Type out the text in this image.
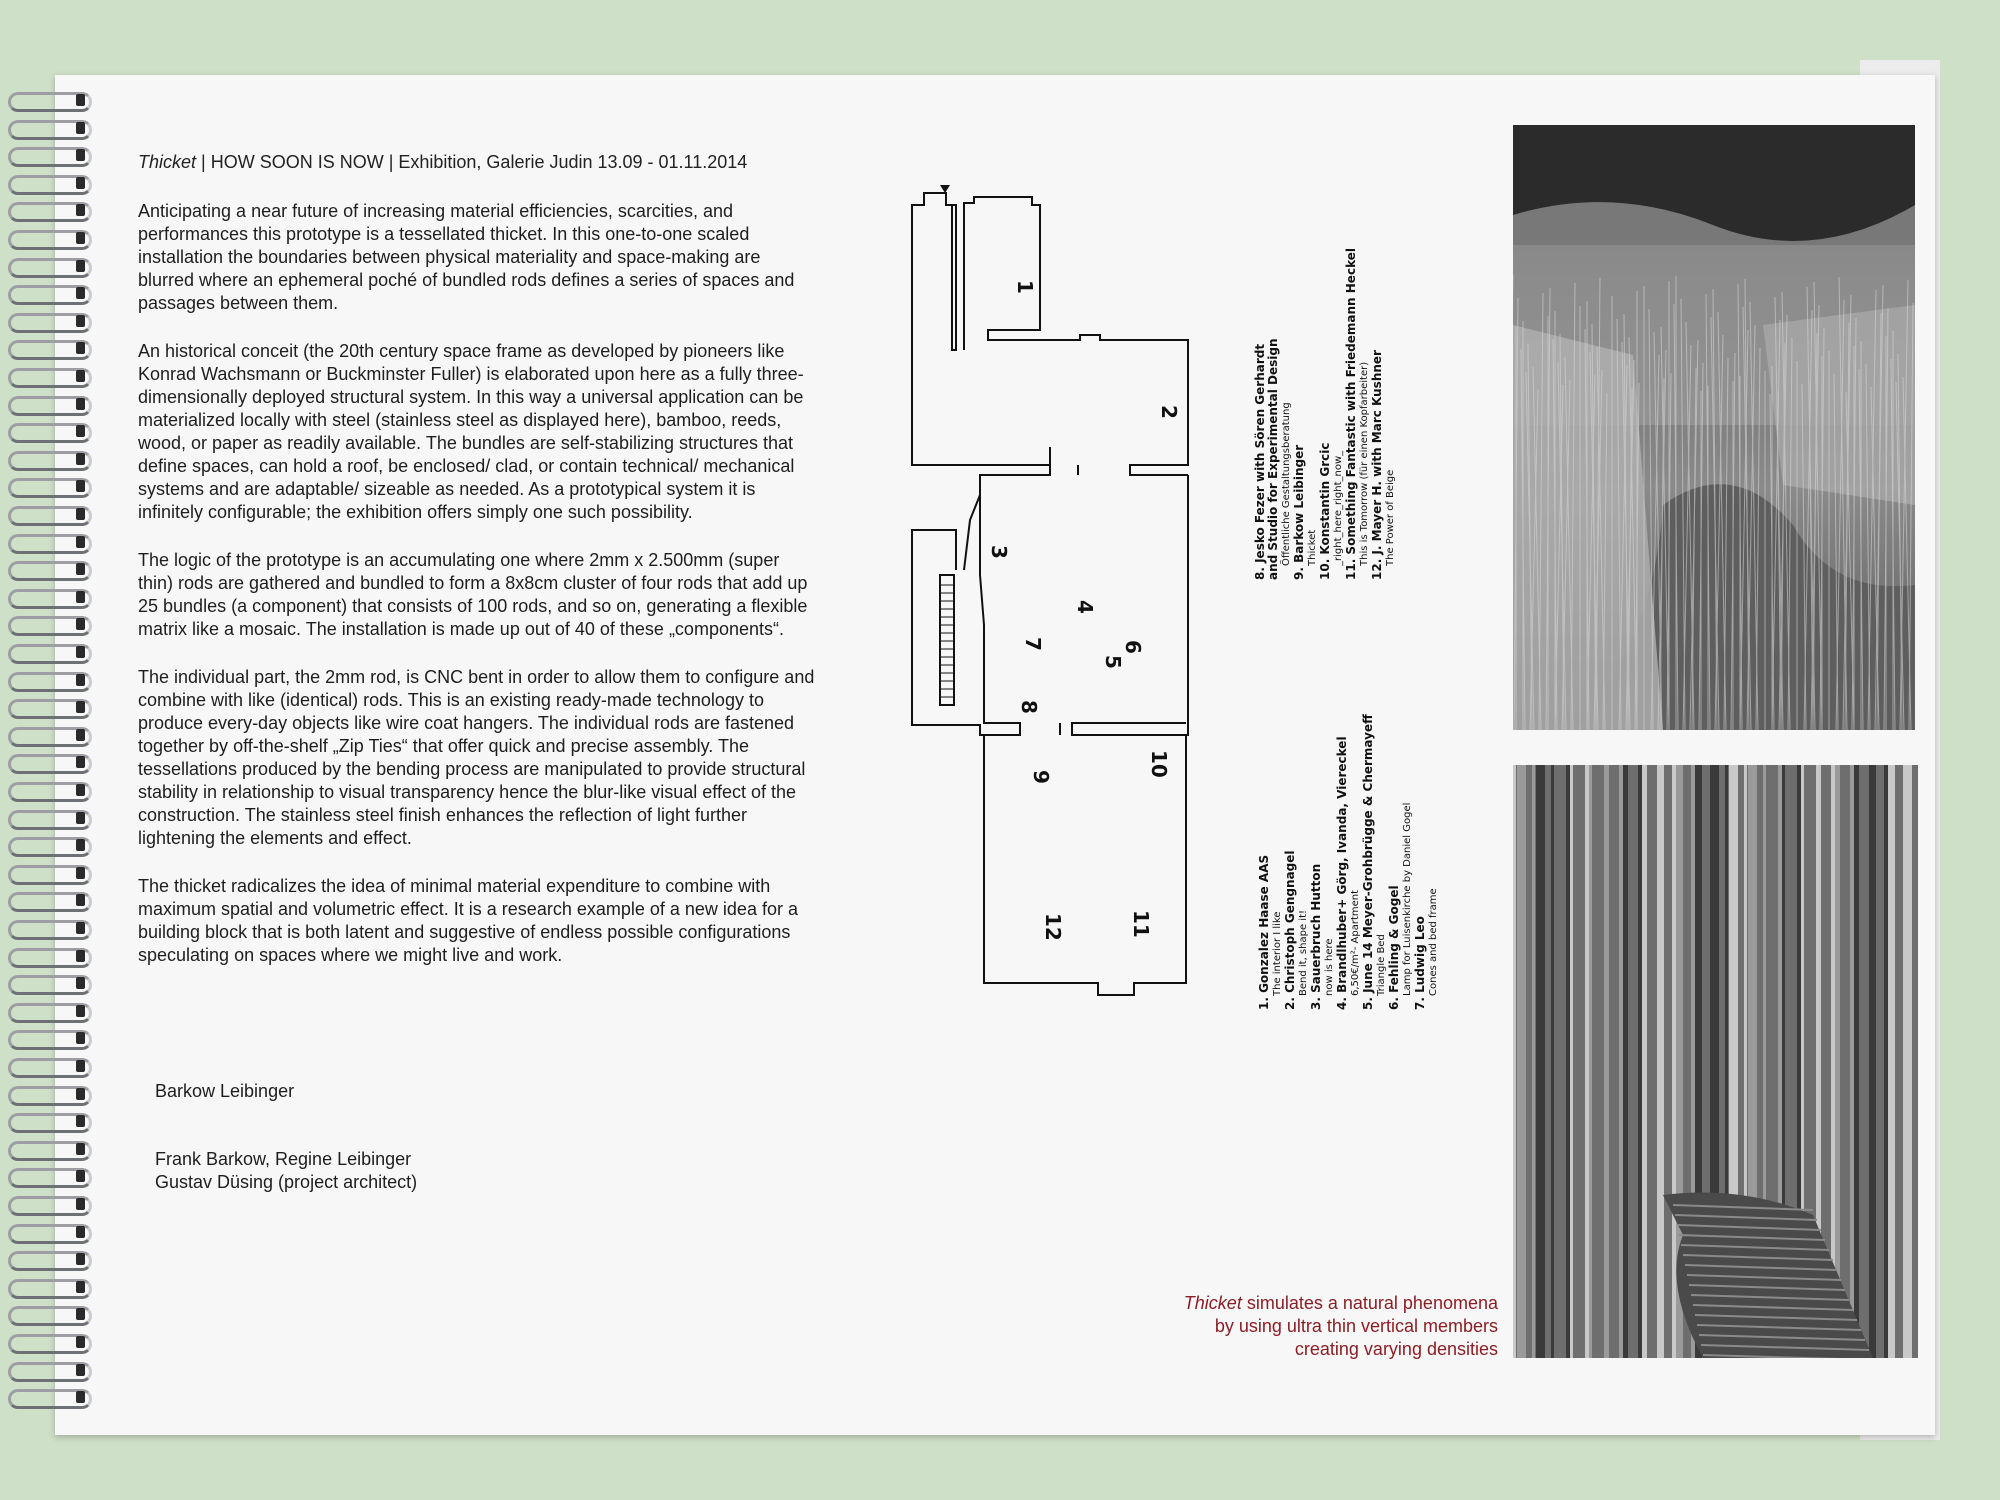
Thicket | HOW SOON IS NOW | Exhibition, Galerie Judin 13.09 - 01.11.2014

Anticipating a near future of increasing material efficiencies, scarcities, and performances this prototype is a tessellated thicket. In this one-to-one scaled installation the boundaries between physical materiality and space-making are blurred where an ephemeral poché of bundled rods defines a series of spaces and passages between them.

An historical conceit (the 20th century space frame as developed by pioneers like Konrad Wachsmann or Buckminster Fuller) is elaborated upon here as a fully three-dimensionally deployed structural system. In this way a universal application can be materialized locally with steel (stainless steel as displayed here), bamboo, reeds, wood, or paper as readily available. The bundles are self-stabilizing structures that define spaces, can hold a roof, be enclosed/ clad, or contain technical/ mechanical systems and are adaptable/ sizeable as needed. As a prototypical system it is infinitely configurable; the exhibition offers simply one such possibility.

The logic of the prototype is an accumulating one where 2mm x 2.500mm (super thin) rods are gathered and bundled to form a 8x8cm cluster of four rods that add up 25 bundles (a component) that consists of 100 rods, and so on, generating a flexible matrix like a mosaic. The installation is made up out of 40 of these „components“.

The individual part, the 2mm rod, is CNC bent in order to allow them to configure and combine with like (identical) rods. This is an existing ready-made technology to produce every-day objects like wire coat hangers. The individual rods are fastened together by off-the-shelf „Zip Ties“ that offer quick and precise assembly. The tessellations produced by the bending process are manipulated to provide structural stability in relationship to visual transparency hence the blur-like visual effect of the construction. The stainless steel finish enhances the reflection of light further lightening the elements and effect.

The thicket radicalizes the idea of minimal material expenditure to combine with maximum spatial and volumetric effect. It is a research example of a new idea for a building block that is both latent and suggestive of endless possible configurations speculating on spaces where we might live and work.

Barkow Leibinger
Frank Barkow, Regine Leibinger
Gustav Düsing (project architect)
1
2
3
4
5
6
7
8
9	10
11
12	1. Gonzalez Haase AAS The interior I like 2. Christoph Gengnagel Bend it, shape it! 3. Sauerbruch Hutton now is here 4. Brandlhuber+ Görg, Ivanda, Viereckel 6,50€/m²- Apartment 5. June 14 Meyer-Grohbrügge & Chermayeff Triangle Bed 6. Fehling & Gogel Lamp for Luisenkirche by Daniel Gogel 7. Ludwig Leo Cones and bed frame
8. Jesko Fezer with Sören Gerhardt and Studio for Experimental Design Öffentliche Gestaltungsberatung 9. Barkow Leibinger Thicket 10. Konstantin Grcic _right_here_right_now_ 11. Something Fantastic with Friedemann Heckel This is Tomorrow (für einen Kopfarbeiter) 12. J. Mayer H. with Marc Kushner The Power of Beige
Thicket simulates a natural phenomena
by using ultra thin vertical members
creating varying densities
